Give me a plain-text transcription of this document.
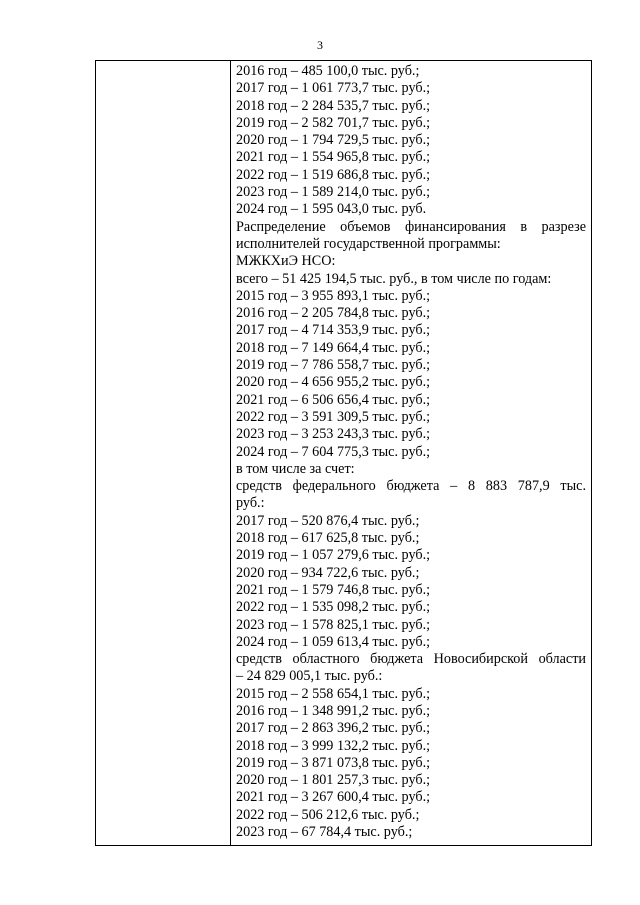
3
2016 год – 485 100,0 тыс. руб.;
2017 год – 1 061 773,7 тыс. руб.;
2018 год – 2 284 535,7 тыс. руб.;
2019 год – 2 582 701,7 тыс. руб.;
2020 год – 1 794 729,5 тыс. руб.;
2021 год – 1 554 965,8 тыс. руб.;
2022 год – 1 519 686,8 тыс. руб.;
2023 год – 1 589 214,0 тыс. руб.;
2024 год – 1 595 043,0 тыс. руб.
Распределение объемов финансирования в разрезе
исполнителей государственной программы:
МЖКХиЭ НСО:
всего – 51 425 194,5 тыс. руб., в том числе по годам:
2015 год – 3 955 893,1 тыс. руб.;
2016 год – 2 205 784,8 тыс. руб.;
2017 год – 4 714 353,9 тыс. руб.;
2018 год – 7 149 664,4 тыс. руб.;
2019 год – 7 786 558,7 тыс. руб.;
2020 год – 4 656 955,2 тыс. руб.;
2021 год – 6 506 656,4 тыс. руб.;
2022 год – 3 591 309,5 тыс. руб.;
2023 год – 3 253 243,3 тыс. руб.;
2024 год – 7 604 775,3 тыс. руб.;
в том числе за счет:
средств федерального бюджета – 8 883 787,9 тыс.
руб.:
2017 год – 520 876,4 тыс. руб.;
2018 год – 617 625,8 тыс. руб.;
2019 год – 1 057 279,6 тыс. руб.;
2020 год – 934 722,6 тыс. руб.;
2021 год – 1 579 746,8 тыс. руб.;
2022 год – 1 535 098,2 тыс. руб.;
2023 год – 1 578 825,1 тыс. руб.;
2024 год – 1 059 613,4 тыс. руб.;
средств областного бюджета Новосибирской области
– 24 829 005,1 тыс. руб.:
2015 год – 2 558 654,1 тыс. руб.;
2016 год – 1 348 991,2 тыс. руб.;
2017 год – 2 863 396,2 тыс. руб.;
2018 год – 3 999 132,2 тыс. руб.;
2019 год – 3 871 073,8 тыс. руб.;
2020 год – 1 801 257,3 тыс. руб.;
2021 год – 3 267 600,4 тыс. руб.;
2022 год – 506 212,6 тыс. руб.;
2023 год – 67 784,4 тыс. руб.;
